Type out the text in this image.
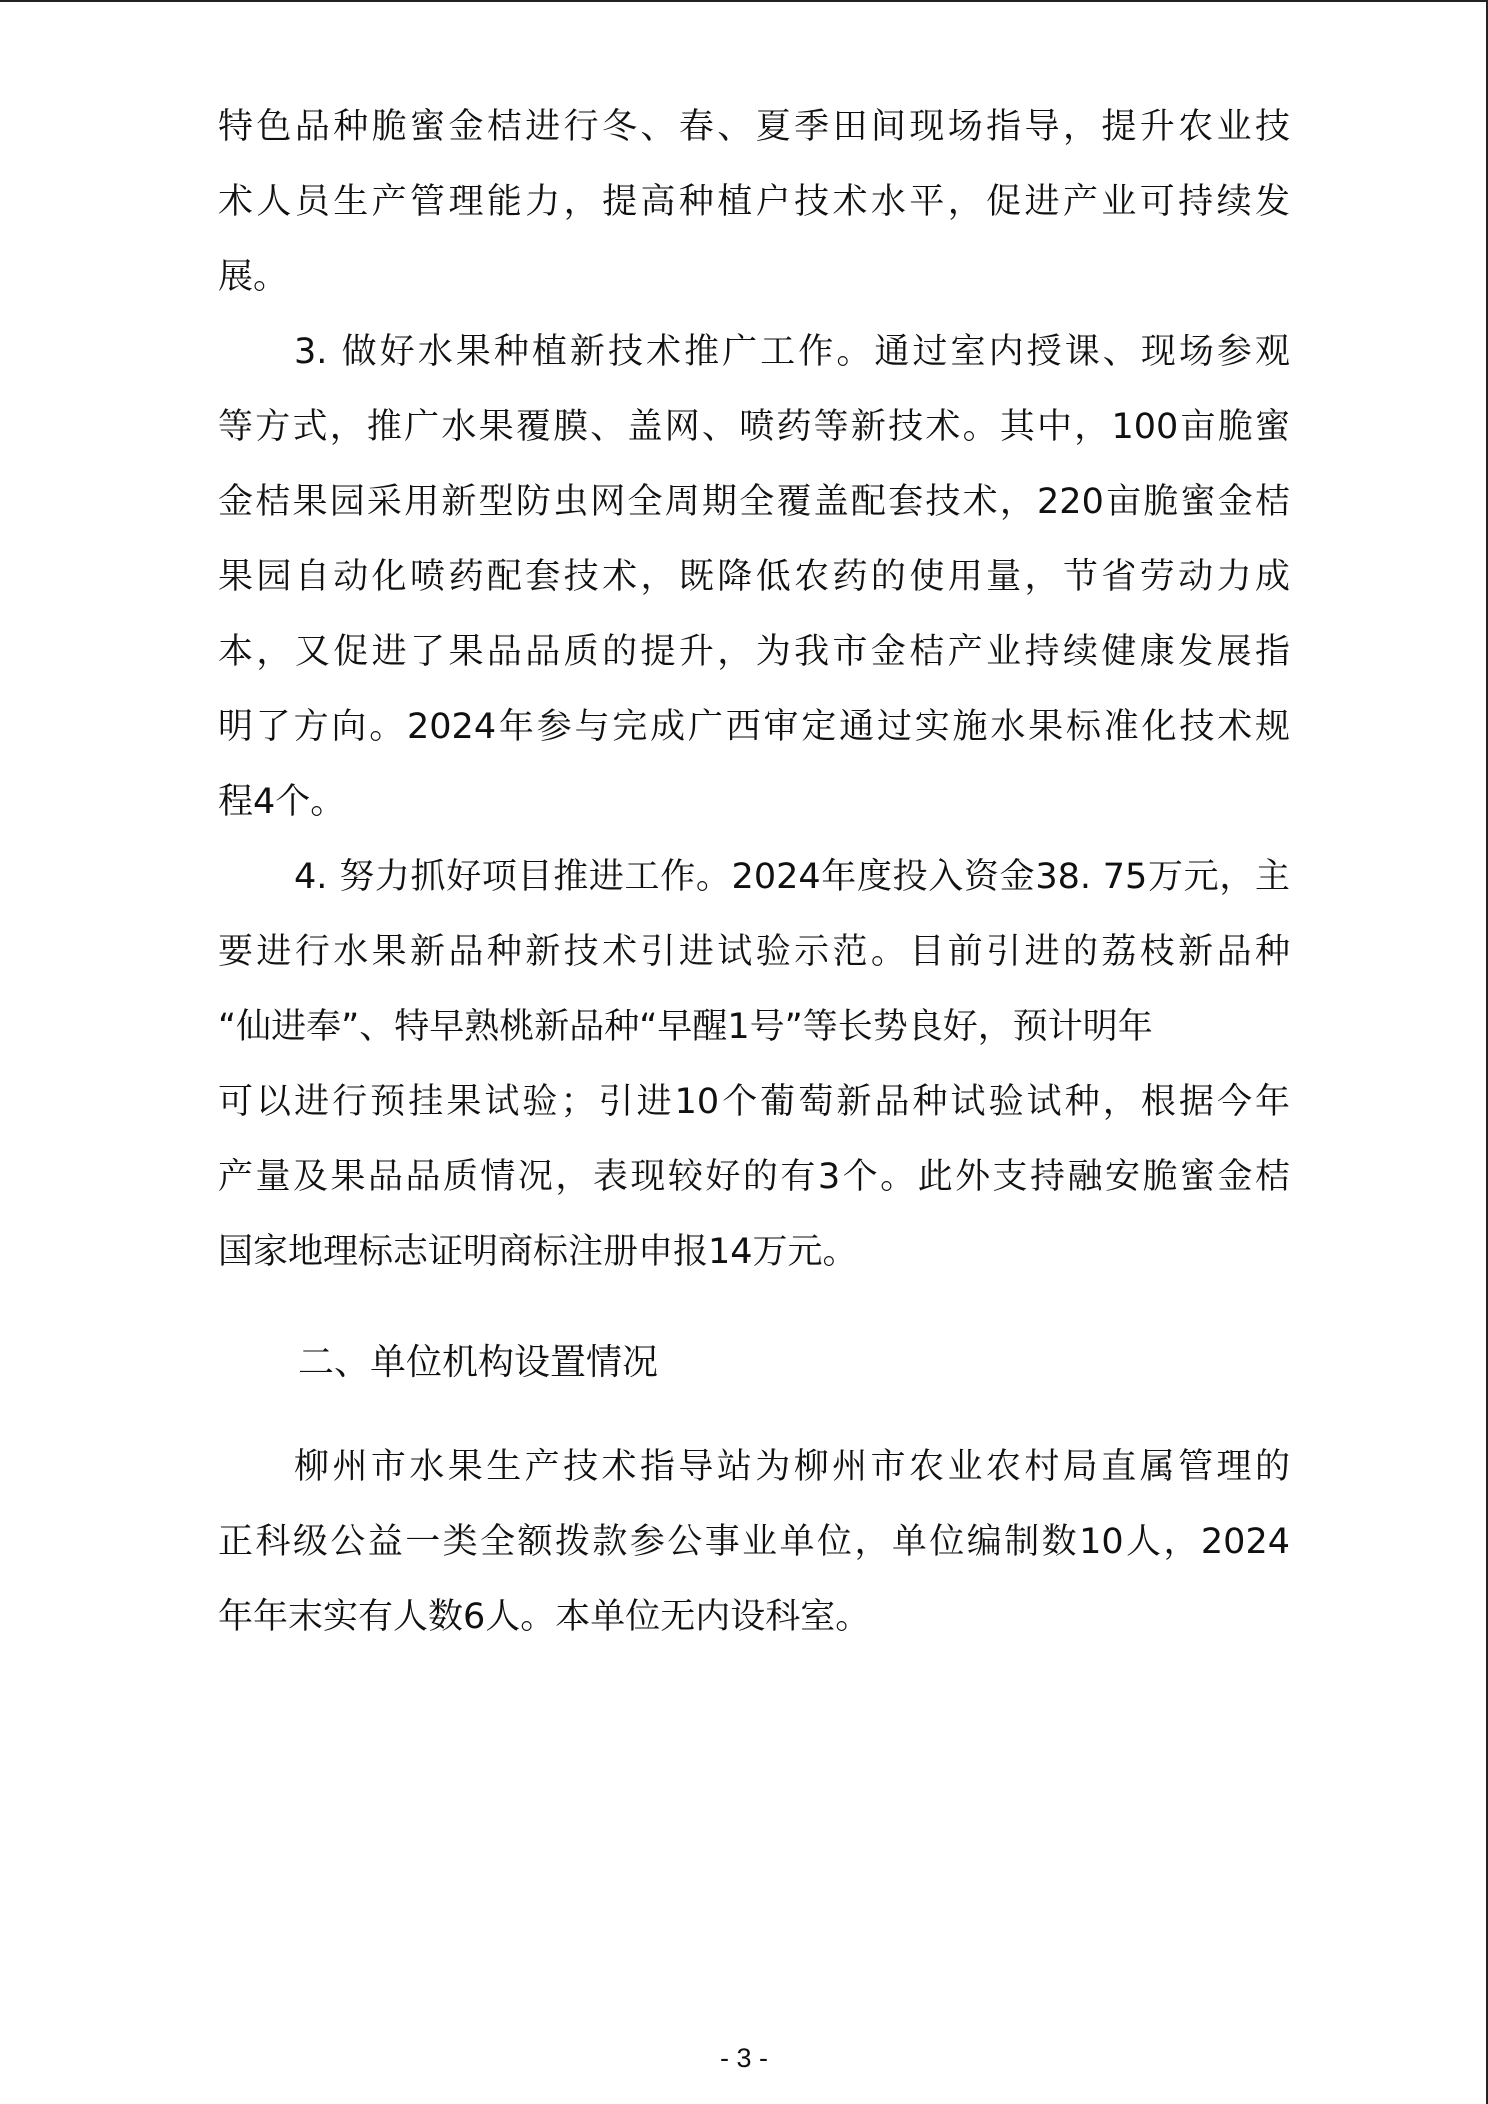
特色品种脆蜜金桔进行冬、春、夏季田间现场指导，提升农业技
术人员生产管理能力，提高种植户技术水平，促进产业可持续发
展。
3. 做好水果种植新技术推广工作。通过室内授课、现场参观
等方式，推广水果覆膜、盖网、喷药等新技术。其中，100亩脆蜜
金桔果园采用新型防虫网全周期全覆盖配套技术，220亩脆蜜金桔
果园自动化喷药配套技术，既降低农药的使用量，节省劳动力成
本，又促进了果品品质的提升，为我市金桔产业持续健康发展指
明了方向。2024年参与完成广西审定通过实施水果标准化技术规
程4个。
4. 努力抓好项目推进工作。2024年度投入资金38. 75万元，主
要进行水果新品种新技术引进试验示范。目前引进的荔枝新品种
“仙进奉”、特早熟桃新品种“早醒1号”等长势良好，预计明年
可以进行预挂果试验；引进10个葡萄新品种试验试种，根据今年
产量及果品品质情况，表现较好的有3个。此外支持融安脆蜜金桔
国家地理标志证明商标注册申报14万元。
二、单位机构设置情况
柳州市水果生产技术指导站为柳州市农业农村局直属管理的
正科级公益一类全额拨款参公事业单位，单位编制数10人，2024
年年末实有人数6人。本单位无内设科室。
- 3 -
